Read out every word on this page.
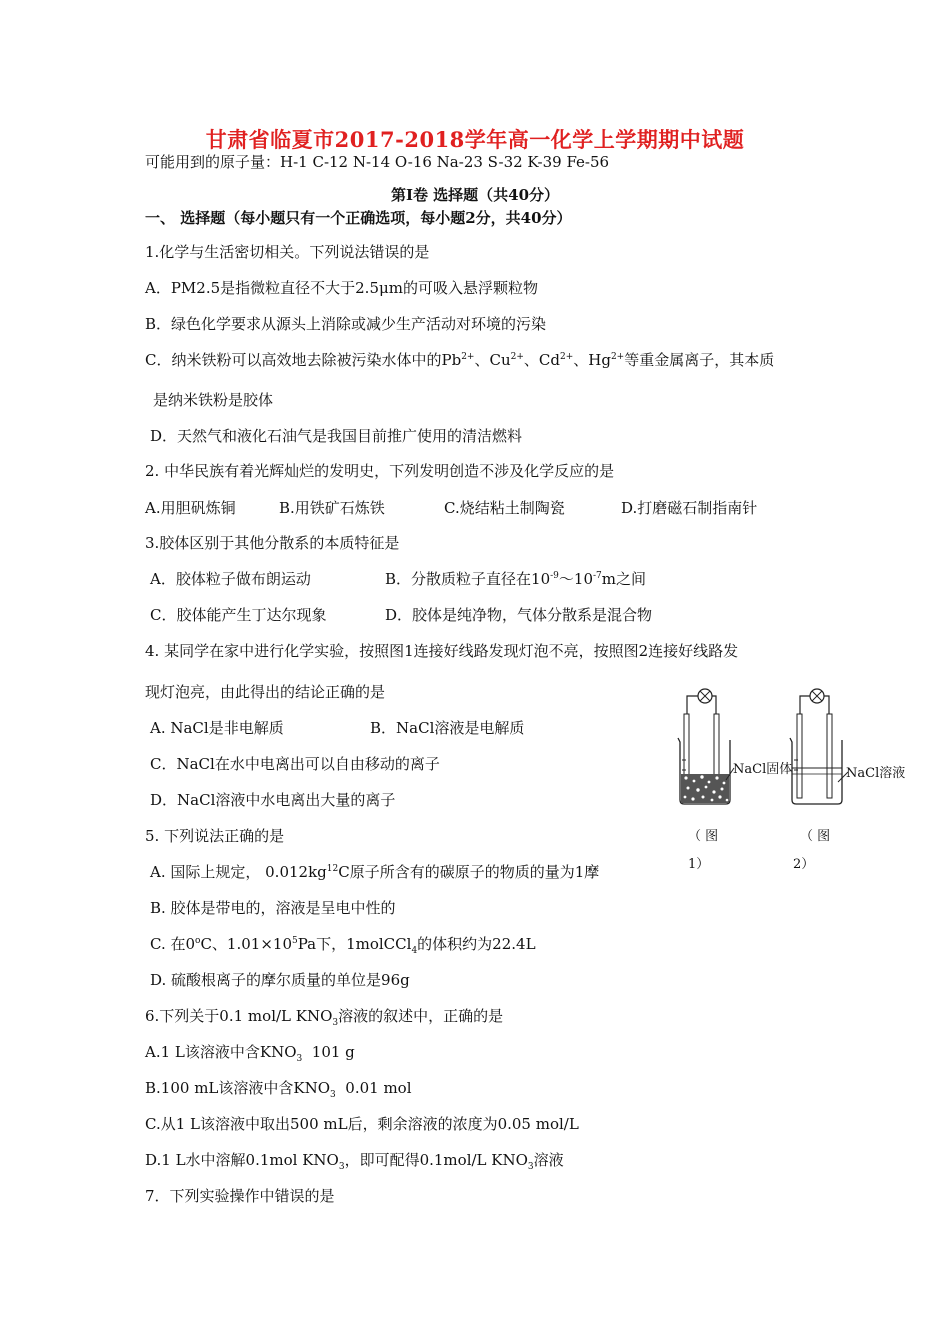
甘肃省临夏市2017-2018学年高一化学上学期期中试题
可能用到的原子量：H-1 C-12 N-14 O-16 Na-23 S-32 K-39 Fe-56
第Ⅰ卷 选择题（共40分）
一、 选择题（每小题只有一个正确选项，每小题2分，共40分）
1.化学与生活密切相关。下列说法错误的是
A．PM2.5是指微粒直径不大于2.5μm的可吸入悬浮颗粒物
B．绿色化学要求从源头上消除或减少生产活动对环境的污染
C．纳米铁粉可以高效地去除被污染水体中的$Pb^{2+}$、$Cu^{2+}$、$Cd^{2+}$、$Hg^{2+}$等重金属离子，其本质
是纳米铁粉是胶体
D．天然气和液化石油气是我国目前推广使用的清洁燃料
2. 中华民族有着光辉灿烂的发明史，下列发明创造不涉及化学反应的是
A.用胆矾炼铜	B.用铁矿石炼铁	C.烧结粘土制陶瓷	D.打磨磁石制指南针
3.胶体区别于其他分散系的本质特征是
A．胶体粒子做布朗运动	B．分散质粒子直径在$10^{-9}\sim 10^{-7}m$之间
C．胶体能产生丁达尔现象	D．胶体是纯净物，气体分散系是混合物
4. 某同学在家中进行化学实验，按照图1连接好线路发现灯泡不亮，按照图2连接好线路发
现灯泡亮，由此得出的结论正确的是
A. NaCl是非电解质	B．NaCl溶液是电解质
C．NaCl在水中电离出可以自由移动的离子
D．NaCl溶液中水电离出大量的离子
NaCl固体
（ 图
1）
NaCl溶液
（ 图
2）
5. 下列说法正确的是
A. 国际上规定， $0.012kg^{12}C$原子所含有的碳原子的物质的量为1摩
B. 胶体是带电的，溶液是呈电中性的
C. 在0$^o$C、$1.01\times 10^5Pa$下，1molCCl$_4$的体积约为22.4L
D. 硫酸根离子的摩尔质量的单位是96g
6.下列关于0.1 mol/L $KNO_3$溶液的叙述中，正确的是
A.1 L该溶液中含$KNO_3$  101 g
B.100 mL该溶液中含$KNO_3$  0.01 mol
C.从1 L该溶液中取出500 mL后，剩余溶液的浓度为0.05 mol/L
D.1 L水中溶解0.1mol $KNO_3$，即可配得0.1mol/L $KNO_3$溶液
7．下列实验操作中错误的是
